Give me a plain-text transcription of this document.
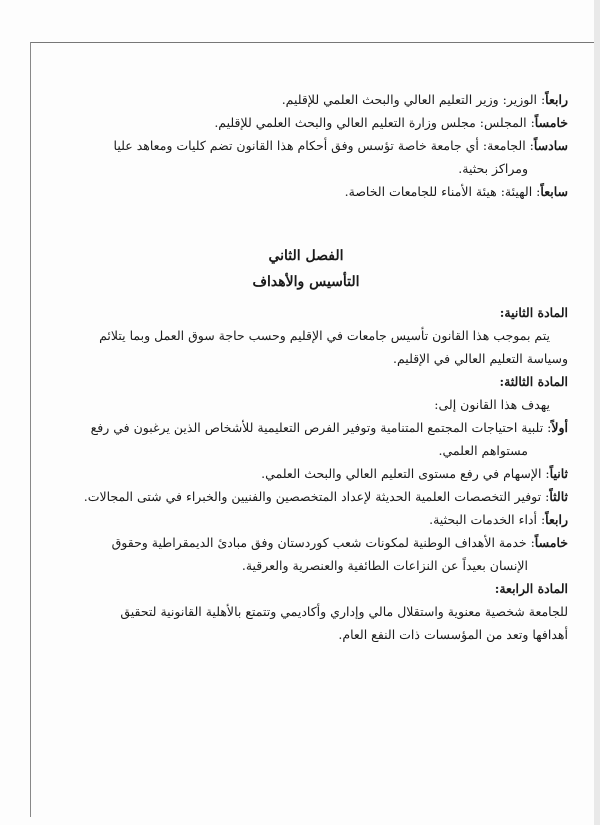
رابعاً: الوزير: وزير التعليم العالي والبحث العلمي للإقليم.
خامساً: المجلس: مجلس وزارة التعليم العالي والبحث العلمي للإقليم.
سادساً: الجامعة: أي جامعة خاصة تؤسس وفق أحكام هذا القانون تضم كليات ومعاهد عليا
ومراكز بحثية.
سابعاً: الهيئة: هيئة الأمناء للجامعات الخاصة.
الفصل الثاني
التأسيس والأهداف
المادة الثانية:
يتم بموجب هذا القانون تأسيس جامعات في الإقليم وحسب حاجة سوق العمل وبما يتلائم
وسياسة التعليم العالي في الإقليم.
المادة الثالثة:
يهدف هذا القانون إلى:
أولاً: تلبية احتياجات المجتمع المتنامية وتوفير الفرص التعليمية للأشخاص الذين يرغبون في رفع
مستواهم العلمي.
ثانياً: الإسهام في رفع مستوى التعليم العالي والبحث العلمي.
ثالثاً: توفير التخصصات العلمية الحديثة لإعداد المتخصصين والفنيين والخبراء في شتى المجالات.
رابعاً: أداء الخدمات البحثية.
خامساً: خدمة الأهداف الوطنية لمكونات شعب كوردستان وفق مبادئ الديمقراطية وحقوق
الإنسان بعيداً عن النزاعات الطائفية والعنصرية والعرقية.
المادة الرابعة:
للجامعة شخصية معنوية واستقلال مالي وإداري وأكاديمي وتتمتع بالأهلية القانونية لتحقيق
أهدافها وتعد من المؤسسات ذات النفع العام.
